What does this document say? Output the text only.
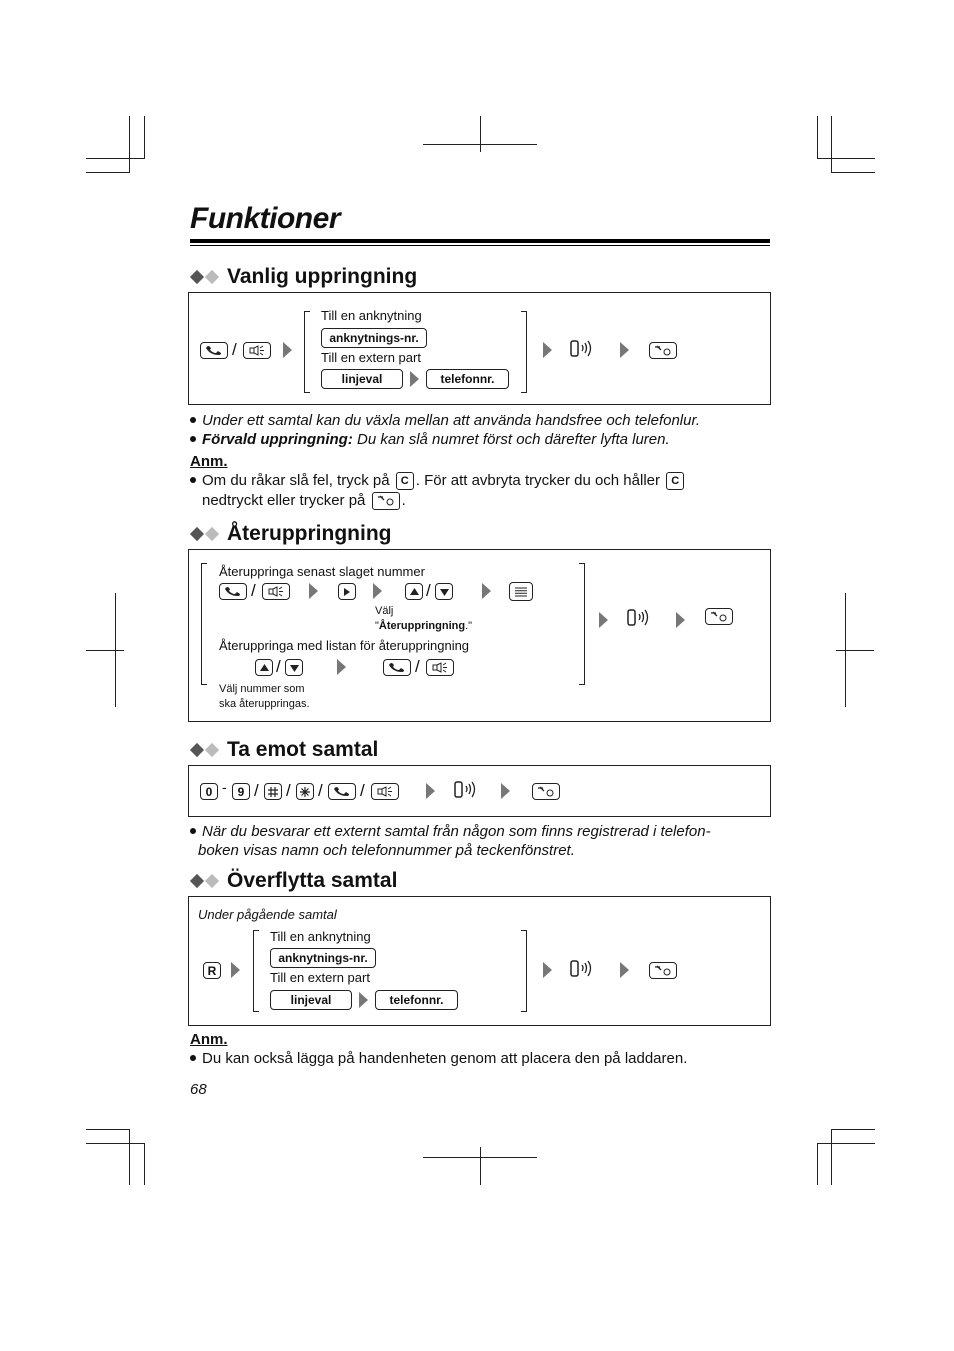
Funktioner
Vanlig uppringning
/
Till en anknytning
anknytnings-nr.
Till en extern part
linjeval	telefonnr.
Under ett samtal kan du växla mellan att använda handsfree och telefonlur.
Förvald uppringning: Du kan slå numret först och därefter lyfta luren.
Anm.
Om du råkar slå fel, tryck på C . För att avbryta trycker du och håller C
nedtryckt eller trycker på .
Återuppringning
Återuppringa senast slaget nummer
/	/
Välj
"Återuppringning."
Återuppringa med listan för återuppringning
/	/
Välj nummer som
ska återuppringas.
Ta emot samtal
0 - 9 / / / /
När du besvarar ett externt samtal från någon som finns registrerad i telefon-
boken visas namn och telefonnummer på teckenfönstret.
Överflytta samtal
Under pågående samtal
R
Till en anknytning
anknytnings-nr.
Till en extern part
linjeval	telefonnr.
Anm.
Du kan också lägga på handenheten genom att placera den på laddaren.
68
